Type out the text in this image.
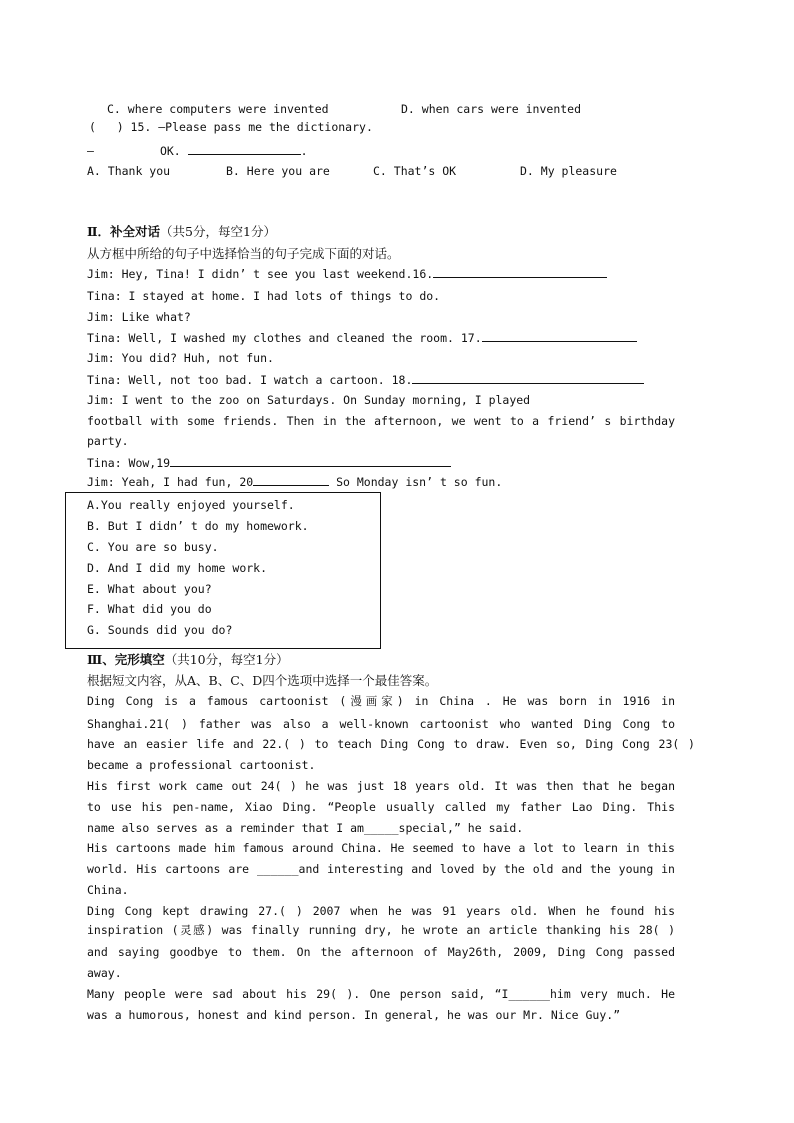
C. where computers were invented	D. when cars were invented
(   ) 15. —Please pass me the dictionary.
—	OK.	.
A. Thank you	B. Here you are	C. That’s OK	D. My pleasure
Ⅱ．补全对话（共5分，每空1分）
从方框中所给的句子中选择恰当的句子完成下面的对话。
Jim: Hey, Tina! I didn’ t see you last weekend.16.
Tina: I stayed at home. I had lots of things to do.
Jim: Like what?
Tina: Well, I washed my clothes and cleaned the room. 17.
Jim: You did? Huh, not fun.
Tina: Well, not too bad. I watch a cartoon. 18.
Jim: I went to the zoo on Saturdays. On Sunday morning, I played
football with some friends. Then in the afternoon, we went to a friend’ s birthday
party.
Tina: Wow,19
Jim: Yeah, I had fun, 20	So Monday isn’ t so fun.
A.You really enjoyed yourself.
B. But I didn’ t do my homework.
C. You are so busy.
D. And I did my home work.
E. What about you?
F. What did you do
G. Sounds did you do?
Ⅲ、完形填空（共10分，每空1分）
根据短文内容，从A、B、C、D四个选项中选择一个最佳答案。
Ding Cong is a famous cartoonist (漫画家) in China . He was born in 1916 in
Shanghai.21( ) father was also a well-known cartoonist who wanted Ding Cong to
have an easier life and 22.( ) to teach Ding Cong to draw. Even so, Ding Cong 23( )
became a professional cartoonist.
His first work came out 24( ) he was just 18 years old. It was then that he began
to use his pen-name, Xiao Ding. “People usually called my father Lao Ding. This
name also serves as a reminder that I am_____special,” he said.
His cartoons made him famous around China. He seemed to have a lot to learn in this
world. His cartoons are ______and interesting and loved by the old and the young in
China.
Ding Cong kept drawing 27.( ) 2007 when he was 91 years old. When he found his
inspiration (灵感) was finally running dry, he wrote an article thanking his 28( )
and saying goodbye to them. On the afternoon of May26th, 2009, Ding Cong passed
away.
Many people were sad about his 29( ). One person said, “I______him very much. He
was a humorous, honest and kind person. In general, he was our Mr. Nice Guy.”
